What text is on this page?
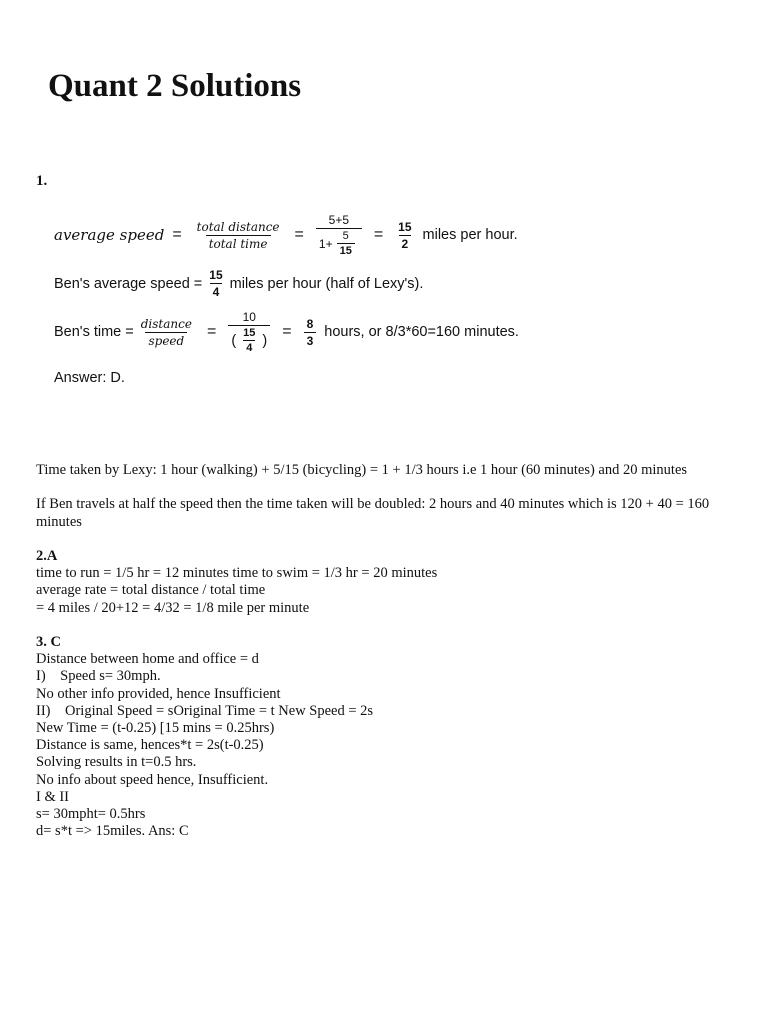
Quant 2 Solutions
1.
average speed = $\frac{\text{total distance}}{\text{total time}} = \frac{5+5}{1+ \frac{5}{15}} = \frac{15}{2}$ miles per hour.
Ben's average speed = $\frac{15}{4}$ miles per hour (half of Lexy's).
Ben's time = $\frac{\text{distance}}{\text{speed}} = \frac{10}{( \frac{15}{4} )} = \frac{8}{3}$ hours, or 8/3*60=160 minutes.
Answer: D.

Time taken by Lexy: 1 hour (walking) + 5/15 (bicycling) = 1 + 1/3 hours i.e 1 hour (60 minutes) and 20 minutes

If Ben travels at half the speed then the time taken will be doubled: 2 hours and 40 minutes which is 120 + 40 = 160 minutes

2.A

time to run = 1/5 hr = 12 minutes time to swim = 1/3 hr = 20 minutes

average rate = total distance / total time

= 4 miles / 20+12 = 4/32 = 1/8 mile per minute

3. C

Distance between home and office = d

I)    Speed s= 30mph.

No other info provided, hence Insufficient

II)    Original Speed = sOriginal Time = t New Speed = 2s

New Time = (t-0.25) [15 mins = 0.25hrs)

Distance is same, hences*t = 2s(t-0.25)

Solving results in t=0.5 hrs.

No info about speed hence, Insufficient.

I & II

s= 30mpht= 0.5hrs

d= s*t => 15miles. Ans: C
